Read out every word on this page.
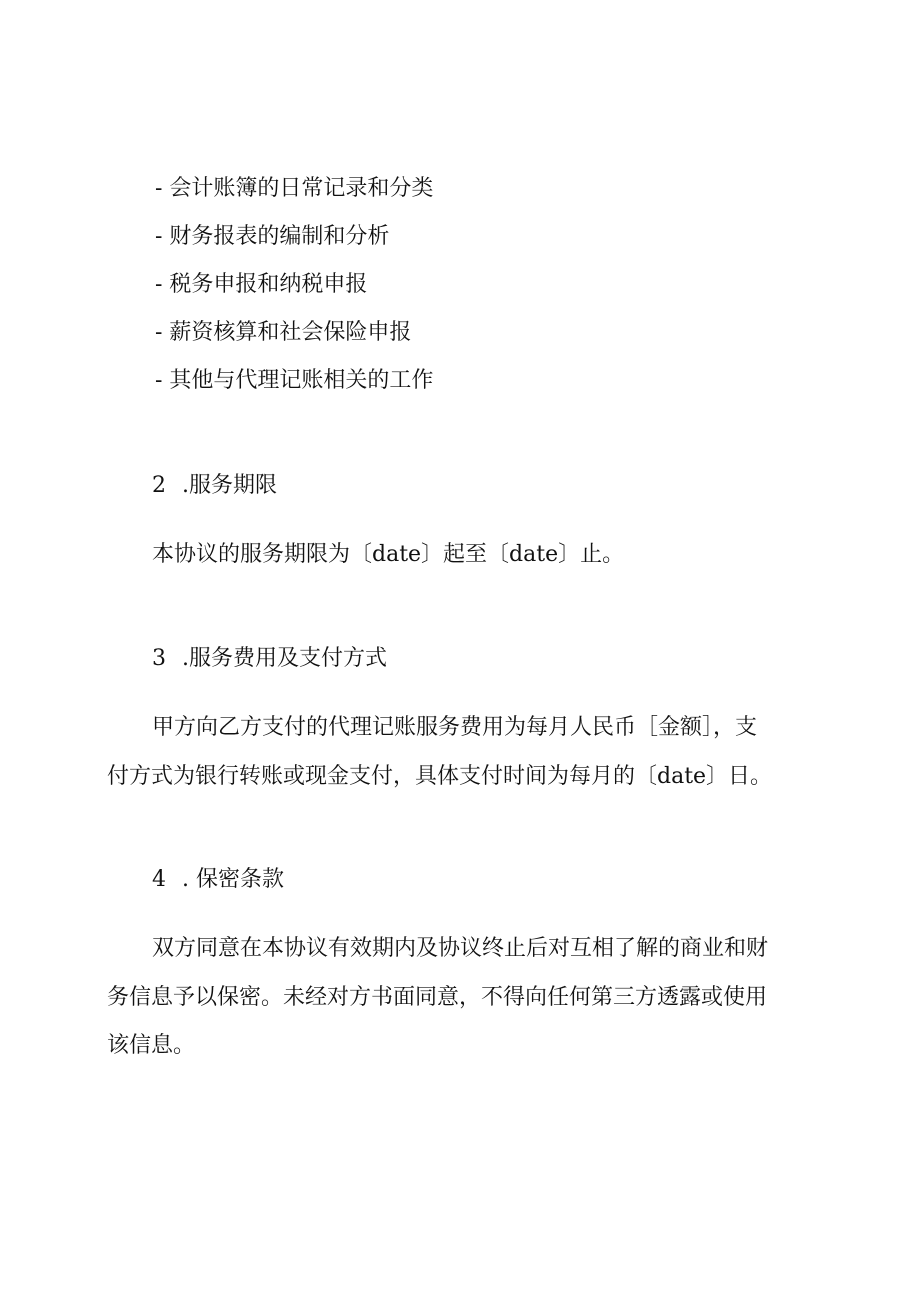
- 会计账簿的日常记录和分类

- 财务报表的编制和分析

- 税务申报和纳税申报

- 薪资核算和社会保险申报

- 其他与代理记账相关的工作

2 .服务期限

本协议的服务期限为〔date〕起至〔date〕止。

3 .服务费用及支付方式

甲方向乙方支付的代理记账服务费用为每月人民币［金额］，支

付方式为银行转账或现金支付，具体支付时间为每月的〔date〕日。

4 . 保密条款

双方同意在本协议有效期内及协议终止后对互相了解的商业和财

务信息予以保密。未经对方书面同意，不得向任何第三方透露或使用

该信息。
